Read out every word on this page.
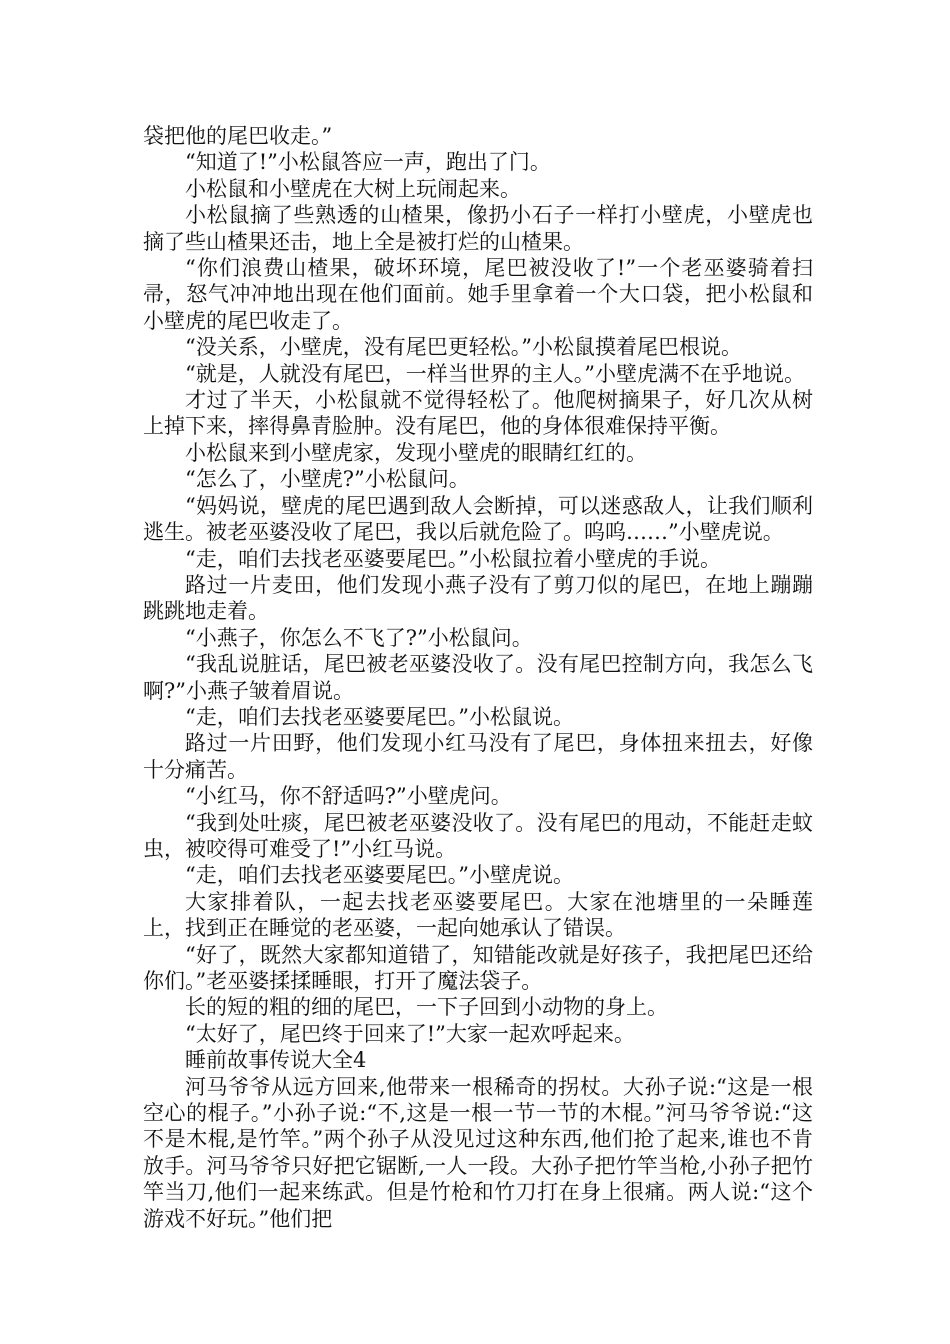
袋把他的尾巴收走。”

“知道了!”小松鼠答应一声，跑出了门。

小松鼠和小壁虎在大树上玩闹起来。

小松鼠摘了些熟透的山楂果，像扔小石子一样打小壁虎，小壁虎也摘了些山楂果还击，地上全是被打烂的山楂果。

“你们浪费山楂果，破坏环境，尾巴被没收了!”一个老巫婆骑着扫帚，怒气冲冲地出现在他们面前。她手里拿着一个大口袋，把小松鼠和小壁虎的尾巴收走了。

“没关系，小壁虎，没有尾巴更轻松。”小松鼠摸着尾巴根说。

“就是，人就没有尾巴，一样当世界的主人。”小壁虎满不在乎地说。

才过了半天，小松鼠就不觉得轻松了。他爬树摘果子，好几次从树上掉下来，摔得鼻青脸肿。没有尾巴，他的身体很难保持平衡。

小松鼠来到小壁虎家，发现小壁虎的眼睛红红的。

“怎么了，小壁虎?”小松鼠问。

“妈妈说，壁虎的尾巴遇到敌人会断掉，可以迷惑敌人，让我们顺利逃生。被老巫婆没收了尾巴，我以后就危险了。呜呜……”小壁虎说。

“走，咱们去找老巫婆要尾巴。”小松鼠拉着小壁虎的手说。

路过一片麦田，他们发现小燕子没有了剪刀似的尾巴，在地上蹦蹦跳跳地走着。

“小燕子，你怎么不飞了?”小松鼠问。

“我乱说脏话，尾巴被老巫婆没收了。没有尾巴控制方向，我怎么飞啊?”小燕子皱着眉说。

“走，咱们去找老巫婆要尾巴。”小松鼠说。

路过一片田野，他们发现小红马没有了尾巴，身体扭来扭去，好像十分痛苦。

“小红马，你不舒适吗?”小壁虎问。

“我到处吐痰，尾巴被老巫婆没收了。没有尾巴的甩动，不能赶走蚊虫，被咬得可难受了!”小红马说。

“走，咱们去找老巫婆要尾巴。”小壁虎说。

大家排着队，一起去找老巫婆要尾巴。大家在池塘里的一朵睡莲上，找到正在睡觉的老巫婆，一起向她承认了错误。

“好了，既然大家都知道错了，知错能改就是好孩子，我把尾巴还给你们。”老巫婆揉揉睡眼，打开了魔法袋子。

长的短的粗的细的尾巴，一下子回到小动物的身上。

“太好了，尾巴终于回来了!”大家一起欢呼起来。

睡前故事传说大全4

河马爷爷从远方回来,他带来一根稀奇的拐杖。大孙子说:“这是一根空心的棍子。”小孙子说:“不,这是一根一节一节的木棍。”河马爷爷说:“这不是木棍,是竹竿。”两个孙子从没见过这种东西,他们抢了起来,谁也不肯放手。河马爷爷只好把它锯断,一人一段。大孙子把竹竿当枪,小孙子把竹竿当刀,他们一起来练武。但是竹枪和竹刀打在身上很痛。两人说:“这个游戏不好玩。”他们把
